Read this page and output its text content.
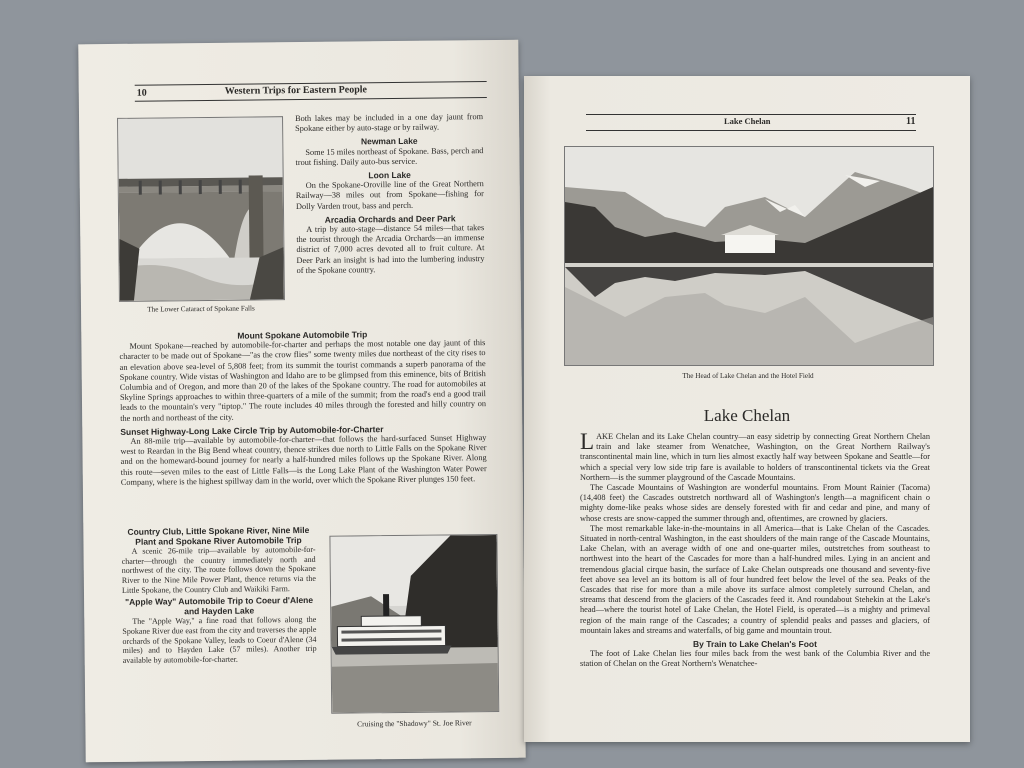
10	Western Trips for Eastern People
The Lower Cataract of Spokane Falls

Both lakes may be included in a one day jaunt from Spokane either by auto-stage or by railway.

Newman Lake

Some 15 miles northeast of Spokane. Bass, perch and trout fishing. Daily auto-bus service.

Loon Lake

On the Spokane-Oroville line of the Great Northern Railway—38 miles out from Spokane—fishing for Dolly Varden trout, bass and perch.

Arcadia Orchards and Deer Park

A trip by auto-stage—distance 54 miles—that takes the tourist through the Arcadia Orchards—an immense district of 7,000 acres devoted all to fruit culture. At Deer Park an insight is had into the lumbering industry of the Spokane country.

Mount Spokane Automobile Trip

Mount Spokane—reached by automobile-for-charter and perhaps the most notable one day jaunt of this character to be made out of Spokane—"as the crow flies" some twenty miles due northeast of the city rises to an elevation above sea-level of 5,808 feet; from its summit the tourist commands a superb panorama of the Spokane country. Wide vistas of Washington and Idaho are to be glimpsed from this eminence, bits of British Columbia and of Oregon, and more than 20 of the lakes of the Spokane country. The road for automobiles at Skyline Springs approaches to within three-quarters of a mile of the summit; from the road's end a good trail leads to the mountain's very "tiptop." The route includes 40 miles through the forested and hilly country on the north and northeast of the city.

Sunset Highway-Long Lake Circle Trip by Automobile-for-Charter

An 88-mile trip—available by automobile-for-charter—that follows the hard-surfaced Sunset Highway west to Reardan in the Big Bend wheat country, thence strikes due north to Little Falls on the Spokane River and on the homeward-bound journey for nearly a half-hundred miles follows up the Spokane River. Along this route—seven miles to the east of Little Falls—is the Long Lake Plant of the Washington Water Power Company, where is the highest spillway dam in the world, over which the Spokane River plunges 150 feet.

Country Club, Little Spokane River, Nine Mile Plant and Spokane River Automobile Trip

A scenic 26-mile trip—available by automobile-for-charter—through the country immediately north and northwest of the city. The route follows down the Spokane River to the Nine Mile Power Plant, thence returns via the Little Spokane, the Country Club and Waikiki Farm.

"Apple Way" Automobile Trip to Coeur d'Alene and Hayden Lake

The "Apple Way," a fine road that follows along the Spokane River due east from the city and traverses the apple orchards of the Spokane Valley, leads to Coeur d'Alene (34 miles) and to Hayden Lake (57 miles). Another trip available by automobile-for-charter.

Cruising the "Shadowy" St. Joe River
Lake Chelan	11
The Head of Lake Chelan and the Hotel Field
Lake Chelan

LAKE Chelan and its Lake Chelan country—an easy sidetrip by connecting Great Northern Chelan train and lake steamer from Wenatchee, Washington, on the Great Northern Railway's transcontinental main line, which in turn lies almost exactly half way between Spokane and Seattle—for which a special very low side trip fare is available to holders of transcontinental tickets via the Great Northern—is the summer playground of the Cascade Mountains.

The Cascade Mountains of Washington are wonderful mountains. From Mount Rainier (Tacoma) (14,408 feet) the Cascades outstretch northward all of Washington's length—a magnificent chain o mighty dome-like peaks whose sides are densely forested with fir and cedar and pine, and many of whose crests are snow-capped the summer through and, oftentimes, are crowned by glaciers.

The most remarkable lake-in-the-mountains in all America—that is Lake Chelan of the Cascades. Situated in north-central Washington, in the east shoulders of the main range of the Cascade Mountains, Lake Chelan, with an average width of one and one-quarter miles, outstretches from southeast to northwest into the heart of the Cascades for more than a half-hundred miles. Lying in an ancient and tremendous glacial cirque basin, the surface of Lake Chelan outspreads one thousand and seventy-five feet above sea level an its bottom is all of four hundred feet below the level of the sea. Peaks of the Cascades that rise for more than a mile above its surface almost completely surround Chelan, and streams that descend from the glaciers of the Cascades feed it. And roundabout Stehekin at the Lake's head—where the tourist hotel of Lake Chelan, the Hotel Field, is operated—is a mighty and primeval region of the main range of the Cascades; a country of splendid peaks and passes and glaciers, of mountain lakes and streams and waterfalls, of big game and mountain trout.

By Train to Lake Chelan's Foot

The foot of Lake Chelan lies four miles back from the west bank of the Columbia River and the station of Chelan on the Great Northern's Wenatchee-
